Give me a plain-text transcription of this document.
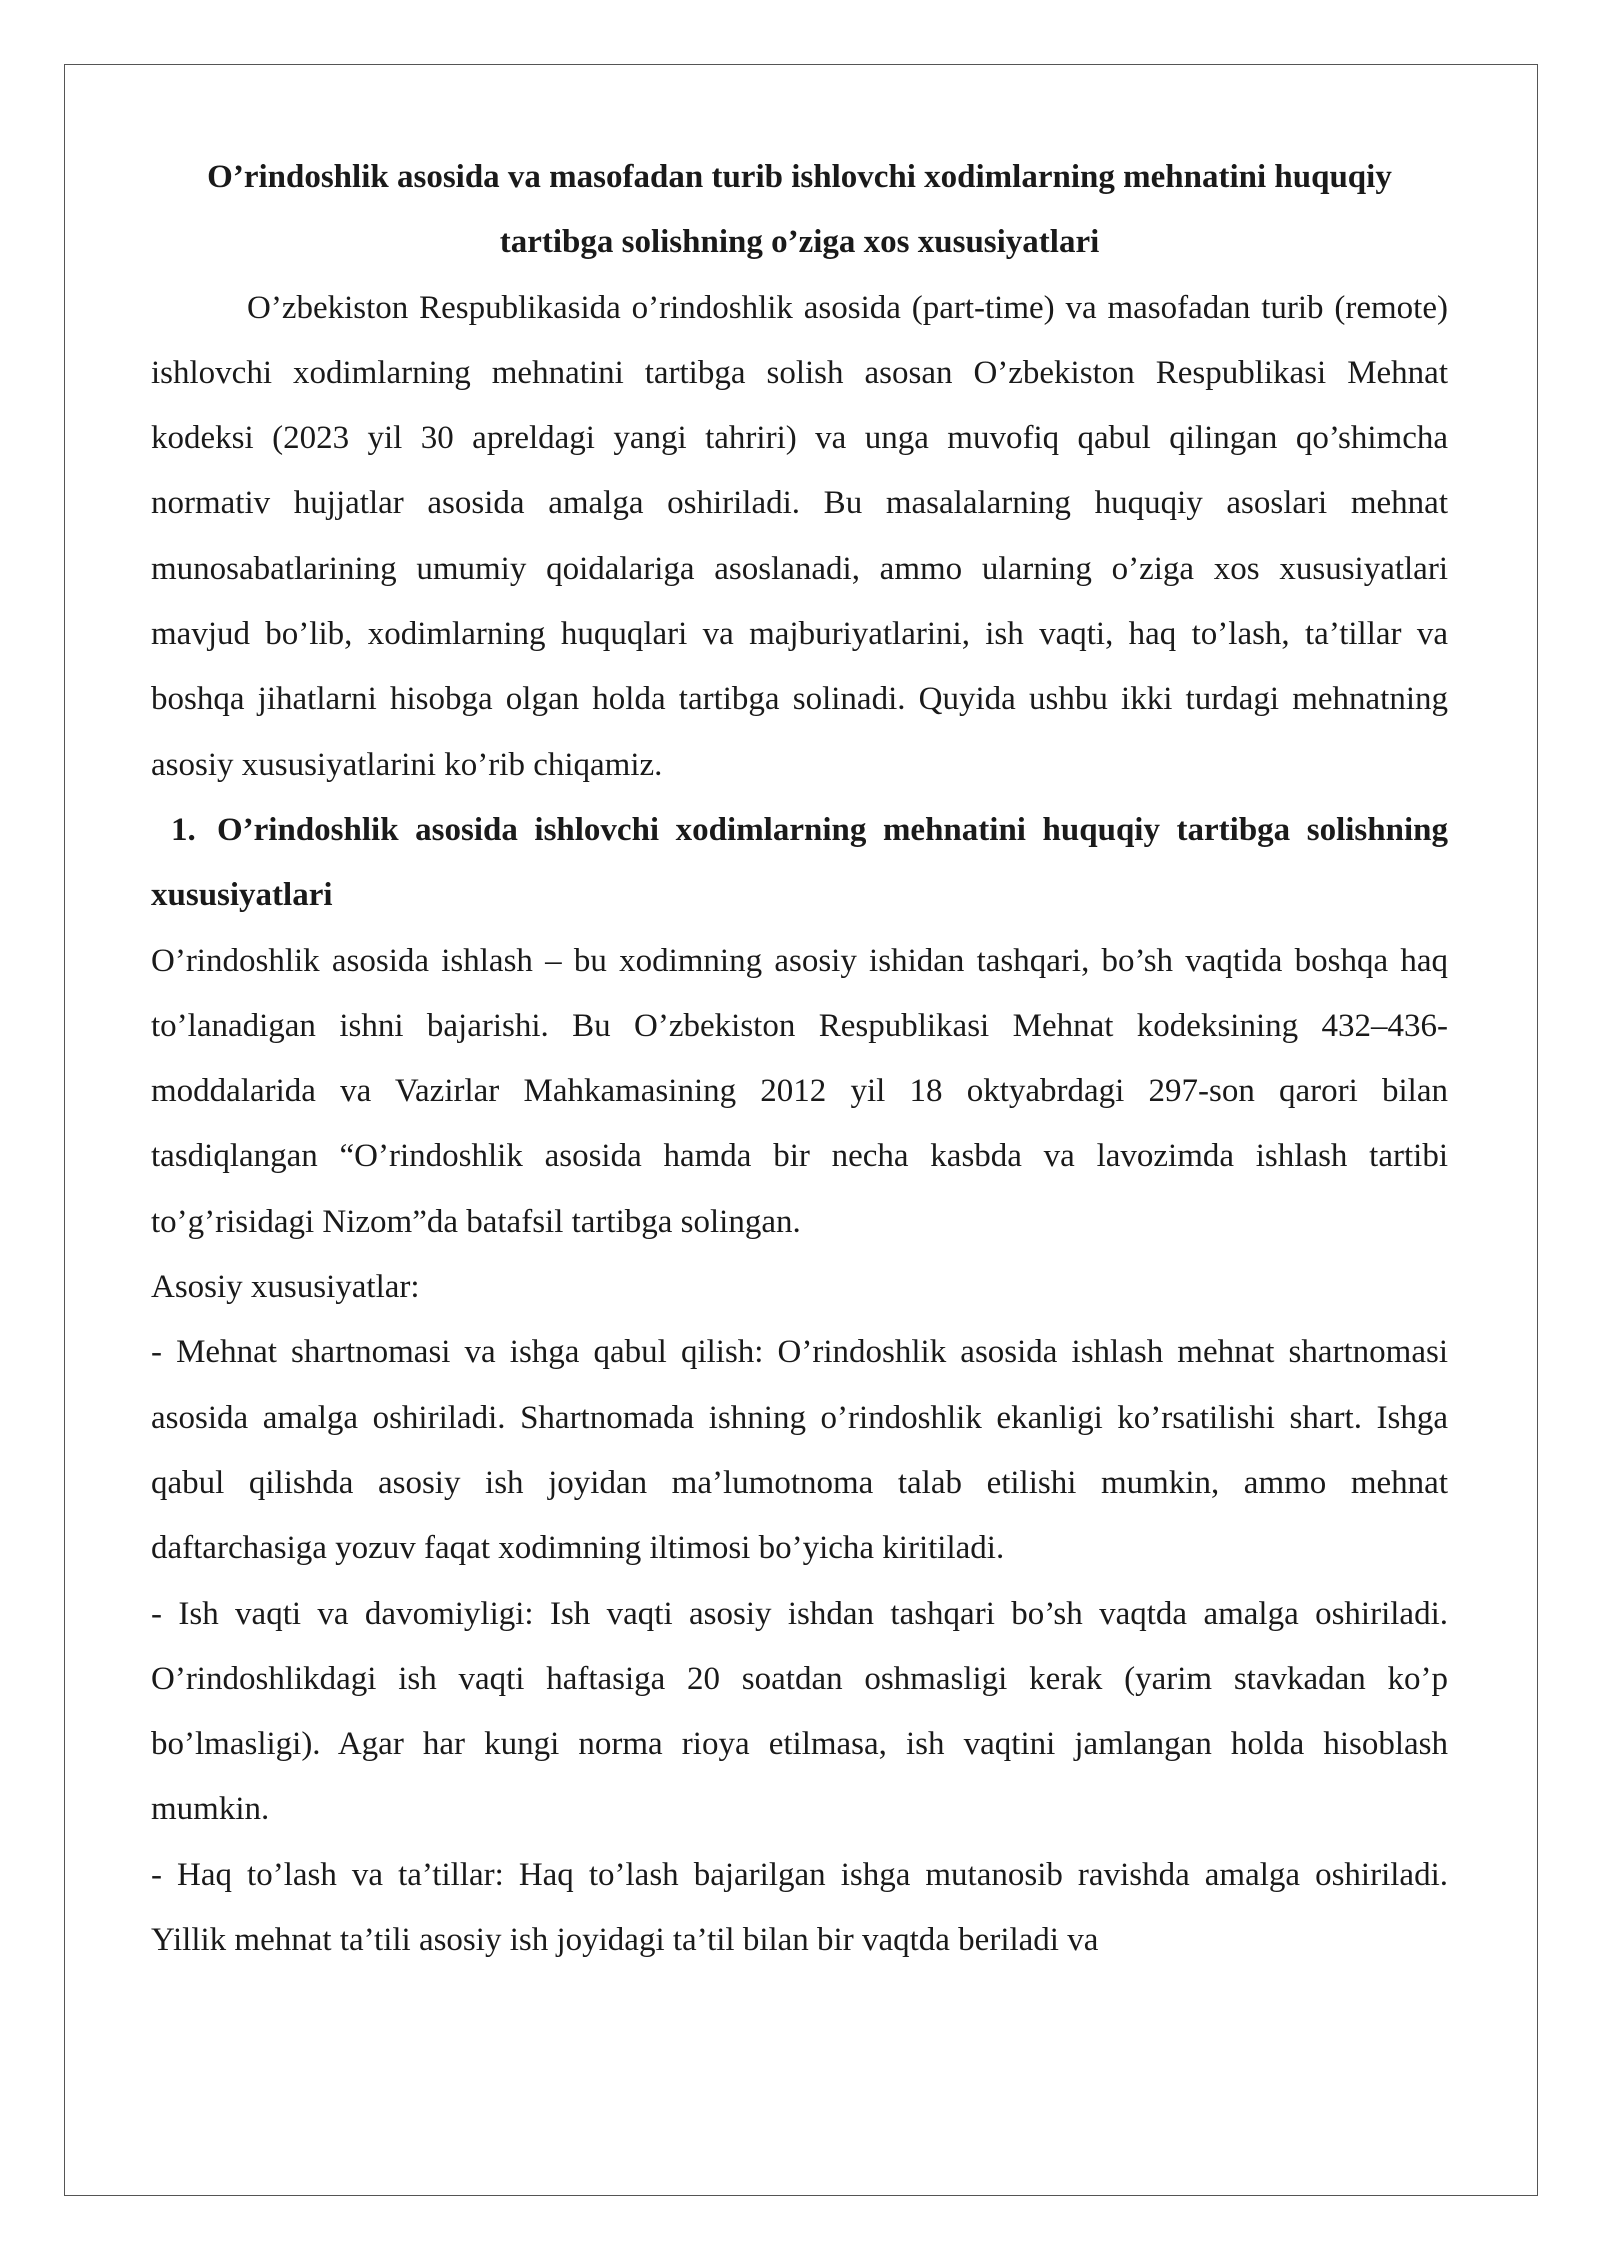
O’rindoshlik asosida va masofadan turib ishlovchi xodimlarning mehnatini huquqiy tartibga solishning o’ziga xos xususiyatlari

O’zbekiston Respublikasida o’rindoshlik asosida (part-time) va masofadan turib (remote) ishlovchi xodimlarning mehnatini tartibga solish asosan O’zbekiston Respublikasi Mehnat kodeksi (2023 yil 30 apreldagi yangi tahriri) va unga muvofiq qabul qilingan qo’shimcha normativ hujjatlar asosida amalga oshiriladi. Bu masalalarning huquqiy asoslari mehnat munosabatlarining umumiy qoidalariga asoslanadi, ammo ularning o’ziga xos xususiyatlari mavjud bo’lib, xodimlarning huquqlari va majburiyatlarini, ish vaqti, haq to’lash, ta’tillar va boshqa jihatlarni hisobga olgan holda tartibga solinadi. Quyida ushbu ikki turdagi mehnatning asosiy xususiyatlarini ko’rib chiqamiz.

1. O’rindoshlik asosida ishlovchi xodimlarning mehnatini huquqiy tartibga solishning xususiyatlari

O’rindoshlik asosida ishlash – bu xodimning asosiy ishidan tashqari, bo’sh vaqtida boshqa haq to’lanadigan ishni bajarishi. Bu O’zbekiston Respublikasi Mehnat kodeksining 432–436-moddalarida va Vazirlar Mahkamasining 2012 yil 18 oktyabrdagi 297-son qarori bilan tasdiqlangan “O’rindoshlik asosida hamda bir necha kasbda va lavozimda ishlash tartibi to’g’risidagi Nizom”da batafsil tartibga solingan.

Asosiy xususiyatlar:

- Mehnat shartnomasi va ishga qabul qilish: O’rindoshlik asosida ishlash mehnat shartnomasi asosida amalga oshiriladi. Shartnomada ishning o’rindoshlik ekanligi ko’rsatilishi shart. Ishga qabul qilishda asosiy ish joyidan ma’lumotnoma talab etilishi mumkin, ammo mehnat daftarchasiga yozuv faqat xodimning iltimosi bo’yicha kiritiladi.

- Ish vaqti va davomiyligi: Ish vaqti asosiy ishdan tashqari bo’sh vaqtda amalga oshiriladi. O’rindoshlikdagi ish vaqti haftasiga 20 soatdan oshmasligi kerak (yarim stavkadan ko’p bo’lmasligi). Agar har kungi norma rioya etilmasa, ish vaqtini jamlangan holda hisoblash mumkin.

- Haq to’lash va ta’tillar: Haq to’lash bajarilgan ishga mutanosib ravishda amalga oshiriladi. Yillik mehnat ta’tili asosiy ish joyidagi ta’til bilan bir vaqtda beriladi va
